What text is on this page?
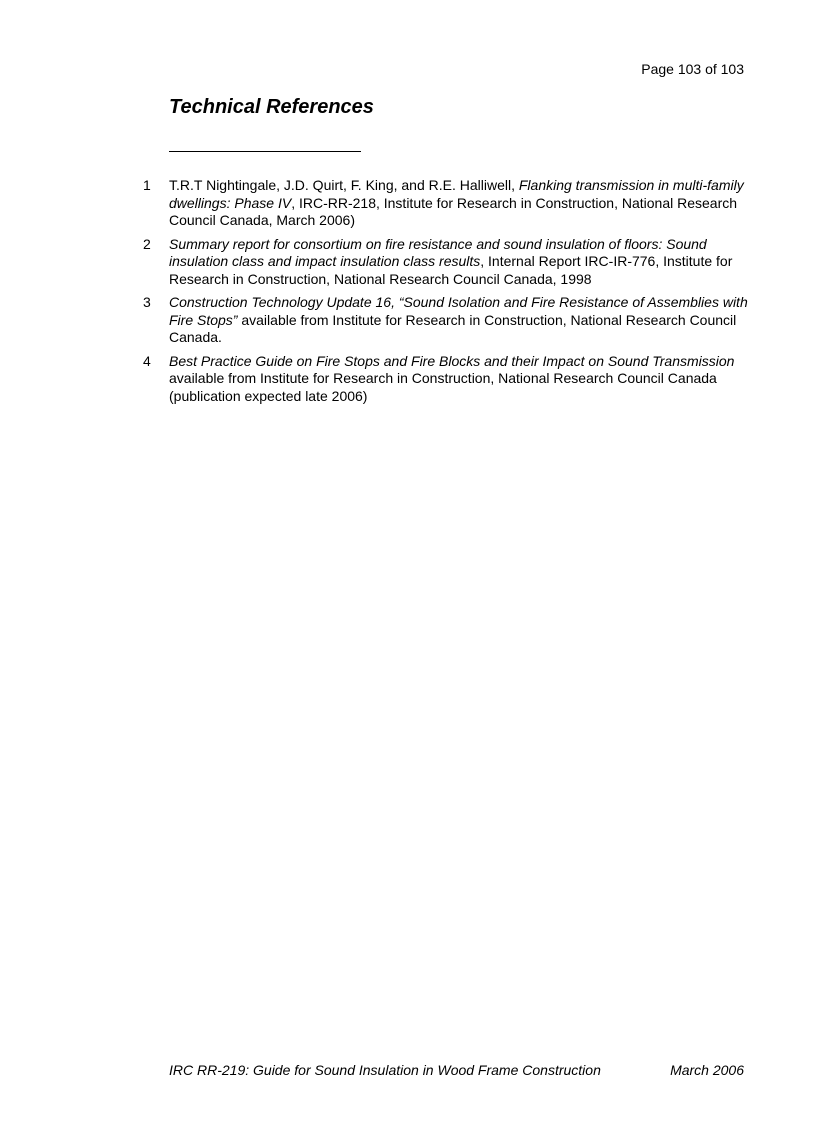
Page 103 of 103
Technical References
1 T.R.T Nightingale, J.D. Quirt, F. King, and R.E. Halliwell, Flanking transmission in multi-family dwellings: Phase IV, IRC-RR-218, Institute for Research in Construction, National Research Council Canada, March 2006)
2 Summary report for consortium on fire resistance and sound insulation of floors: Sound insulation class and impact insulation class results, Internal Report IRC-IR-776, Institute for Research in Construction, National Research Council Canada, 1998
3 Construction Technology Update 16, “Sound Isolation and Fire Resistance of Assemblies with Fire Stops” available from Institute for Research in Construction, National Research Council Canada.
4 Best Practice Guide on Fire Stops and Fire Blocks and their Impact on Sound Transmission available from Institute for Research in Construction, National Research Council Canada (publication expected late 2006)
IRC RR-219: Guide for Sound Insulation in Wood Frame Construction	March 2006
